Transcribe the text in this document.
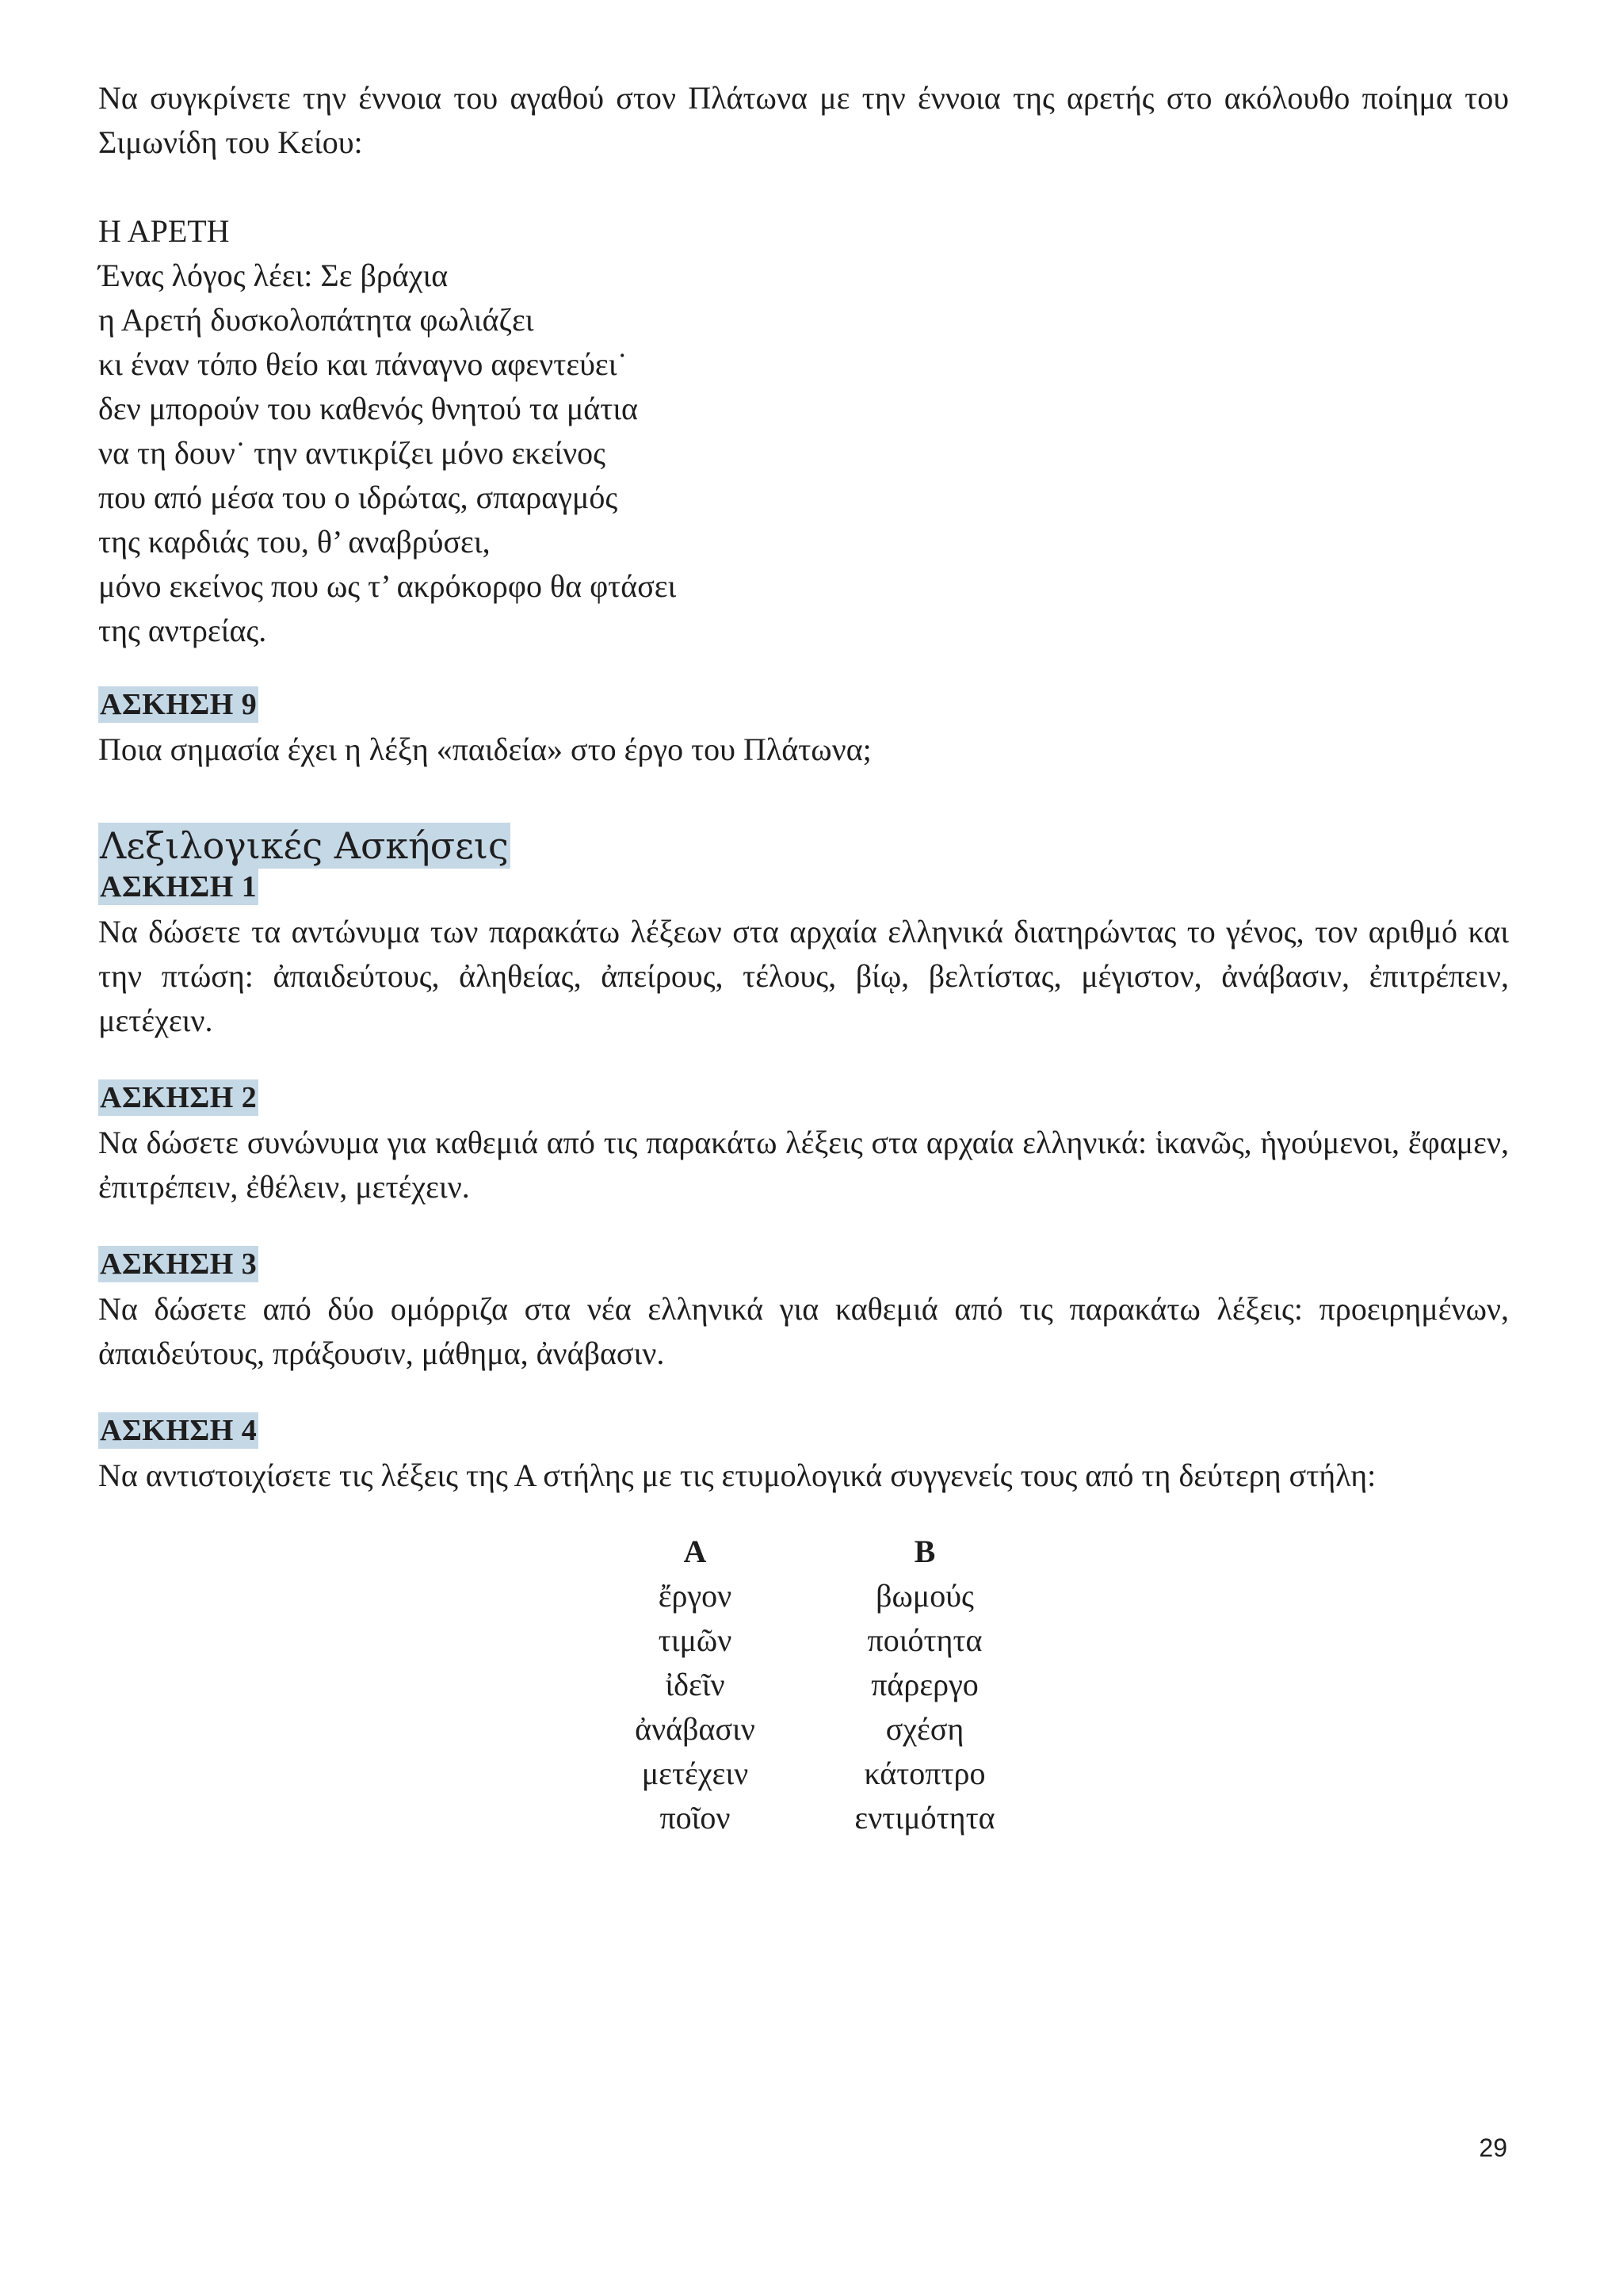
Να συγκρίνετε την έννοια του αγαθού στον Πλάτωνα με την έννοια της αρετής στο ακόλουθο ποίημα του Σιμωνίδη του Κείου:

Η ΑΡΕΤΗ
Ένας λόγος λέει: Σε βράχια
η Αρετή δυσκολοπάτητα φωλιάζει
κι έναν τόπο θείο και πάναγνο αφεντεύει˙
δεν μπορούν του καθενός θνητού τα μάτια
να τη δουν˙ την αντικρίζει μόνο εκείνος
που από μέσα του ο ιδρώτας, σπαραγμός
της καρδιάς του, θ’ αναβρύσει,
μόνο εκείνος που ως τ’ ακρόκορφο θα φτάσει
της αντρείας.
ΑΣΚΗΣΗ 9

Ποια σημασία έχει η λέξη «παιδεία» στο έργο του Πλάτωνα;

Λεξιλογικές Ασκήσεις
ΑΣΚΗΣΗ 1

Να δώσετε τα αντώνυμα των παρακάτω λέξεων στα αρχαία ελληνικά διατηρώντας το γένος, τον αριθμό και την πτώση: ἀπαιδεύτους, ἀληθείας, ἀπείρους, τέλους, βίῳ, βελτίστας, μέγιστον, ἀνάβασιν, ἐπιτρέπειν, μετέχειν.

ΑΣΚΗΣΗ 2

Να δώσετε συνώνυμα για καθεμιά από τις παρακάτω λέξεις στα αρχαία ελληνικά: ἱκανῶς, ἡγούμενοι, ἔφαμεν, ἐπιτρέπειν, ἐθέλειν, μετέχειν.

ΑΣΚΗΣΗ 3

Να δώσετε από δύο ομόρριζα στα νέα ελληνικά για καθεμιά από τις παρακάτω λέξεις: προειρημένων, ἀπαιδεύτους, πράξουσιν, μάθημα, ἀνάβασιν.

ΑΣΚΗΣΗ 4

Να αντιστοιχίσετε τις λέξεις της Α στήλης με τις ετυμολογικά συγγενείς τους από τη δεύτερη στήλη:

Α
ἔργον
τιμῶν
ἰδεῖν
ἀνάβασιν
μετέχειν
ποῖον
Β
βωμούς
ποιότητα
πάρεργο
σχέση
κάτοπτρο
εντιμότητα
29
